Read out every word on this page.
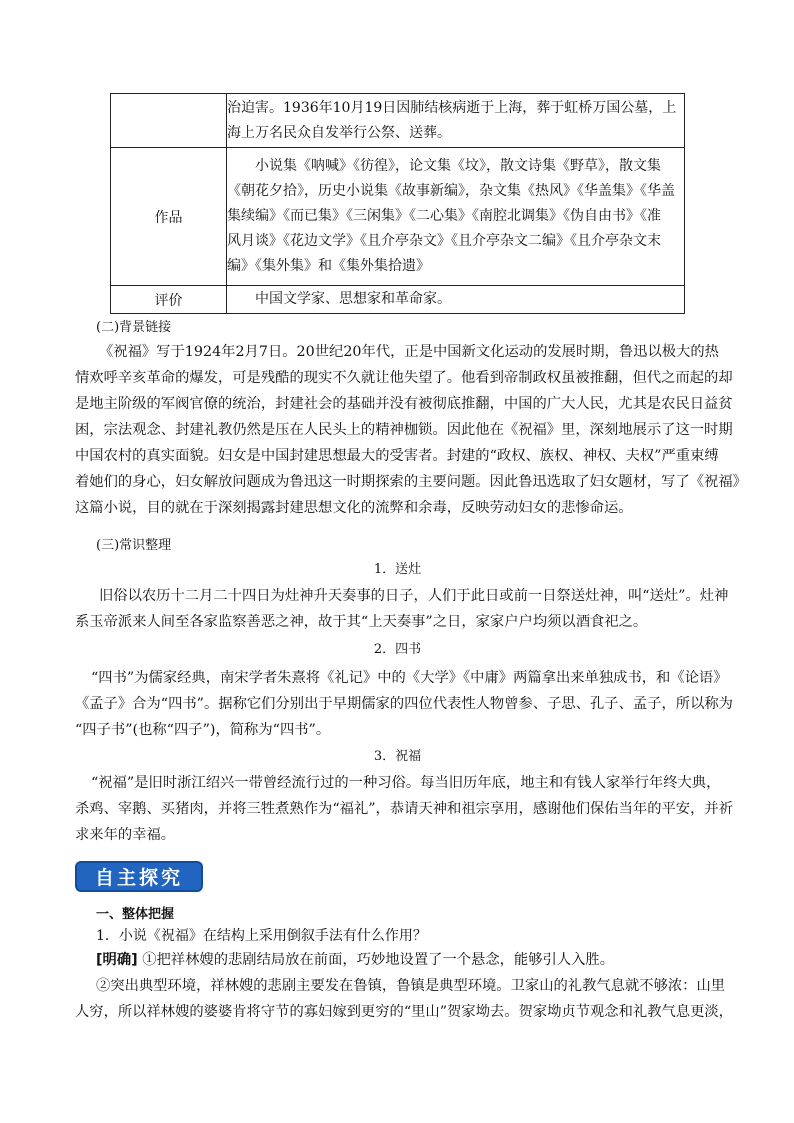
	治迫害。1936年10月19日因肺结核病逝于上海，葬于虹桥万国公墓，上
海上万名民众自发举行公祭、送葬。

作品	小说集《呐喊》《彷徨》，论文集《坟》，散文诗集《野草》，散文集
《朝花夕拾》，历史小说集《故事新编》，杂文集《热风》《华盖集》《华盖
集续编》《而已集》《三闲集》《二心集》《南腔北调集》《伪自由书》《准
风月谈》《花边文学》《且介亭杂文》《且介亭杂文二编》《且介亭杂文末
编》《集外集》和《集外集拾遗》

评价	中国文学家、思想家和革命家。
(二)背景链接
《祝福》写于1924年2月7日。20世纪20年代，正是中国新文化运动的发展时期，鲁迅以极大的热
情欢呼辛亥革命的爆发，可是残酷的现实不久就让他失望了。他看到帝制政权虽被推翻，但代之而起的却
是地主阶级的军阀官僚的统治，封建社会的基础并没有被彻底推翻，中国的广大人民，尤其是农民日益贫
困，宗法观念、封建礼教仍然是压在人民头上的精神枷锁。因此他在《祝福》里，深刻地展示了这一时期
中国农村的真实面貌。妇女是中国封建思想最大的受害者。封建的“政权、族权、神权、夫权”严重束缚
着她们的身心，妇女解放问题成为鲁迅这一时期探索的主要问题。因此鲁迅选取了妇女题材，写了《祝福》
这篇小说，目的就在于深刻揭露封建思想文化的流弊和余毒，反映劳动妇女的悲惨命运。
(三)常识整理
1．送灶
旧俗以农历十二月二十四日为灶神升天奏事的日子，人们于此日或前一日祭送灶神，叫“送灶”。灶神
系玉帝派来人间至各家监察善恶之神，故于其“上天奏事”之日，家家户户均须以酒食祀之。
2．四书
“四书”为儒家经典，南宋学者朱熹将《礼记》中的《大学》《中庸》两篇拿出来单独成书，和《论语》
《孟子》合为“四书”。据称它们分别出于早期儒家的四位代表性人物曾参、子思、孔子、孟子，所以称为
“四子书”(也称“四子”)，简称为“四书”。
3．祝福
“祝福”是旧时浙江绍兴一带曾经流行过的一种习俗。每当旧历年底，地主和有钱人家举行年终大典，
杀鸡、宰鹅、买猪肉，并将三牲煮熟作为“福礼”，恭请天神和祖宗享用，感谢他们保佑当年的平安，并祈
求来年的幸福。
自主探究
一、整体把握
1．小说《祝福》在结构上采用倒叙手法有什么作用？
[明确] ①把祥林嫂的悲剧结局放在前面，巧妙地设置了一个悬念，能够引人入胜。
②突出典型环境，祥林嫂的悲剧主要发在鲁镇，鲁镇是典型环境。卫家山的礼教气息就不够浓：山里
人穷，所以祥林嫂的婆婆肯将守节的寡妇嫁到更穷的“里山”贺家坳去。贺家坳贞节观念和礼教气息更淡，
